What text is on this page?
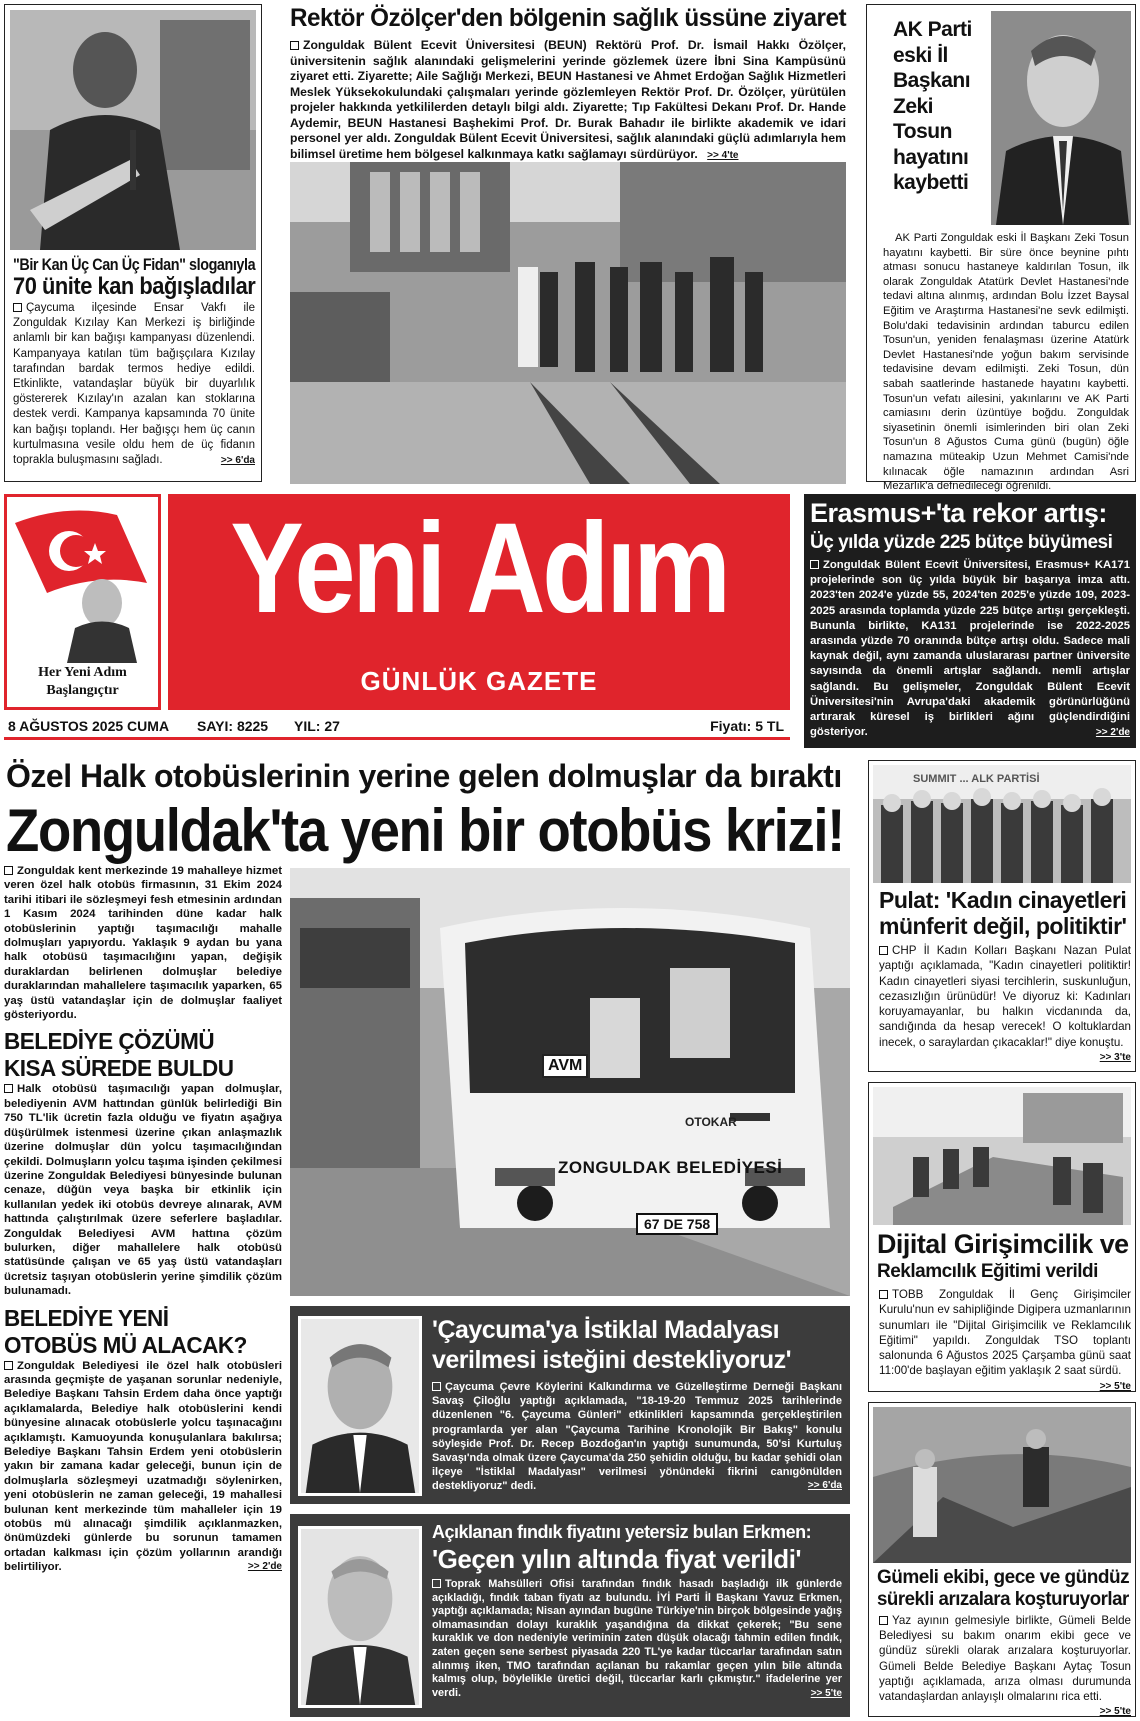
"Bir Kan Üç Can Üç Fidan" sloganıyla
70 ünite kan bağışladılar
Çaycuma ilçesinde Ensar Vakfı ile Zonguldak Kızılay Kan Merkezi iş birliğinde anlamlı bir kan bağışı kampanyası düzenlendi. Kampanyaya katılan tüm bağışçılara Kızılay tarafından bardak termos hediye edildi. Etkinlikte, vatandaşlar büyük bir duyarlılık göstererek Kızılay'ın azalan kan stoklarına destek verdi. Kampanya kapsamında 70 ünite kan bağışı toplandı. Her bağışçı hem üç canın kurtulmasına vesile oldu hem de üç fidanın toprakla buluşmasını sağladı.	>> 6'da
Rektör Özölçer'den bölgenin sağlık üssüne ziyaret
Zonguldak Bülent Ecevit Üniversitesi (BEUN) Rektörü Prof. Dr. İsmail Hakkı Özölçer, üniversitenin sağlık alanındaki gelişmelerini yerinde gözlemek üzere İbni Sina Kampüsünü ziyaret etti. Ziyarette; Aile Sağlığı Merkezi, BEUN Hastanesi ve Ahmet Erdoğan Sağlık Hizmetleri Meslek Yüksekokulundaki çalışmaları yerinde gözlemleyen Rektör Prof. Dr. Özölçer, yürütülen projeler hakkında yetkililerden detaylı bilgi aldı. Ziyarette; Tıp Fakültesi Dekanı Prof. Dr. Hande Aydemir, BEUN Hastanesi Başhekimi Prof. Dr. Burak Bahadır ile birlikte akademik ve idari personel yer aldı. Zonguldak Bülent Ecevit Üniversitesi, sağlık alanındaki güçlü adımlarıyla hem bilimsel üretime hem bölgesel kalkınmaya katkı sağlamayı sürdürüyor. >> 4'te
AK Parti
eski İl
Başkanı
Zeki
Tosun
hayatını
kaybetti
AK Parti Zonguldak eski İl Başkanı Zeki Tosun hayatını kaybetti. Bir süre önce beynine pıhtı atması sonucu hastaneye kaldırılan Tosun, ilk olarak Zonguldak Atatürk Devlet Hastanesi'nde tedavi altına alınmış, ardından Bolu İzzet Baysal Eğitim ve Araştırma Hastanesi'ne sevk edilmişti. Bolu'daki tedavisinin ardından taburcu edilen Tosun'un, yeniden fenalaşması üzerine Atatürk Devlet Hastanesi'nde yoğun bakım servisinde tedavisine devam edilmişti. Zeki Tosun, dün sabah saatlerinde hastanede hayatını kaybetti. Tosun'un vefatı ailesini, yakınlarını ve AK Parti camiasını derin üzüntüye boğdu. Zonguldak siyasetinin önemli isimlerinden biri olan Zeki Tosun'un 8 Ağustos Cuma günü (bugün) öğle namazına müteakip Uzun Mehmet Camisi'nde kılınacak öğle namazının ardından Asri Mezarlık'a defnedileceği öğrenildi.
Her Yeni Adım
Başlangıçtır
Yeni Adım
GÜNLÜK GAZETE
8 AĞUSTOS 2025 CUMA SAYI: 8225 YIL: 27	Fiyatı: 5 TL
Erasmus+'ta rekor artış:
Üç yılda yüzde 225 bütçe büyümesi
Zonguldak Bülent Ecevit Üniversitesi, Erasmus+ KA171 projelerinde son üç yılda büyük bir başarıya imza attı. 2023'ten 2024'e yüzde 55, 2024'ten 2025'e yüzde 109, 2023-2025 arasında toplamda yüzde 225 bütçe artışı gerçekleşti. Bununla birlikte, KA131 projelerinde ise 2022-2025 arasında yüzde 70 oranında bütçe artışı oldu. Sadece mali kaynak değil, aynı zamanda uluslararası partner üniversite sayısında da önemli artışlar sağlandı. nemli artışlar sağlandı. Bu gelişmeler, Zonguldak Bülent Ecevit Üniversitesi'nin Avrupa'daki akademik görünürlüğünü artırarak küresel iş birlikleri ağını güçlendirdiğini gösteriyor.	>> 2'de
Özel Halk otobüslerinin yerine gelen dolmuşlar da bıraktı
Zonguldak'ta yeni bir otobüs krizi!
Zonguldak kent merkezinde 19 mahalleye hizmet veren özel halk otobüs firmasının, 31 Ekim 2024 tarihi itibari ile sözleşmeyi fesh etmesinin ardından 1 Kasım 2024 tarihinden düne kadar halk otobüslerinin yaptığı taşımacılığı mahalle dolmuşları yapıyordu. Yaklaşık 9 aydan bu yana halk otobüsü taşımacılığını yapan, değişik duraklardan belirlenen dolmuşlar belediye duraklarından mahallelere taşımacılık yaparken, 65 yaş üstü vatandaşlar için de dolmuşlar faaliyet gösteriyordu.
BELEDİYE ÇÖZÜMÜ
KISA SÜREDE BULDU
Halk otobüsü taşımacılığı yapan dolmuşlar, belediyenin AVM hattından günlük belirlediği Bin 750 TL'lik ücretin fazla olduğu ve fiyatın aşağıya düşürülmek istenmesi üzerine çıkan anlaşmazlık üzerine dolmuşlar dün yolcu taşımacılığından çekildi. Dolmuşların yolcu taşıma işinden çekilmesi üzerine Zonguldak Belediyesi bünyesinde bulunan cenaze, düğün veya başka bir etkinlik için kullanılan yedek iki otobüs devreye alınarak, AVM hattında çalıştırılmak üzere seferlere başladılar. Zonguldak Belediyesi AVM hattına çözüm bulurken, diğer mahallelere halk otobüsü statüsünde çalışan ve 65 yaş üstü vatandaşları ücretsiz taşıyan otobüslerin yerine şimdilik çözüm bulunamadı.
BELEDİYE YENİ
OTOBÜS MÜ ALACAK?
Zonguldak Belediyesi ile özel halk otobüsleri arasında geçmişte de yaşanan sorunlar nedeniyle, Belediye Başkanı Tahsin Erdem daha önce yaptığı açıklamalarda, Belediye halk otobüslerini kendi bünyesine alınacak otobüslerle yolcu taşınacağını açıklamıştı. Kamuoyunda konuşulanlara bakılırsa; Belediye Başkanı Tahsin Erdem yeni otobüslerin yakın bir zamana kadar geleceği, bunun için de dolmuşlarla sözleşmeyi uzatmadığı söylenirken, yeni otobüslerin ne zaman geleceği, 19 mahallesi bulunan kent merkezinde tüm mahalleler için 19 otobüs mü alınacağı şimdilik açıklanmazken, önümüzdeki günlerde bu sorunun tamamen ortadan kalkması için çözüm yollarının arandığı belirtiliyor.	>> 2'de
AVM
OTOKAR
ZONGULDAK BELEDİYESİ
67 DE 758
'Çaycuma'ya İstiklal Madalyası
verilmesi isteğini destekliyoruz'
Çaycuma Çevre Köylerini Kalkındırma ve Güzelleştirme Derneği Başkanı Savaş Çiloğlu yaptığı açıklamada, "18-19-20 Temmuz 2025 tarihlerinde düzenlenen "6. Çaycuma Günleri" etkinlikleri kapsamında gerçekleştirilen programlarda yer alan "Çaycuma Tarihine Kronolojik Bir Bakış" konulu söyleşide Prof. Dr. Recep Bozdoğan'ın yaptığı sunumunda, 50'si Kurtuluş Savaşı'nda olmak üzere Çaycuma'da 250 şehidin olduğu, bu kadar şehidi olan ilçeye "İstiklal Madalyası" verilmesi yönündeki fikrini canıgönülden destekliyoruz" dedi.	>> 6'da
Açıklanan fındık fiyatını yetersiz bulan Erkmen:
'Geçen yılın altında fiyat verildi'
Toprak Mahsülleri Ofisi tarafından fındık hasadı başladığı ilk günlerde açıkladığı, fındık taban fiyatı az bulundu. İYİ Parti İl Başkanı Yavuz Erkmen, yaptığı açıklamada; Nisan ayından bugüne Türkiye'nin birçok bölgesinde yağış olmamasından dolayı kuraklık yaşandığına da dikkat çekerek; "Bu sene kuraklık ve don nedeniyle veriminin zaten düşük olacağı tahmin edilen fındık, zaten geçen sene serbest piyasada 220 TL'ye kadar tüccarlar tarafından satın alınmış iken, TMO tarafından açılanan bu rakamlar geçen yılın bile altında kalmış olup, böylelikle üretici değil, tüccarlar karlı çıkmıştır." ifadelerine yer verdi.	>> 5'te
SUMMIT ... ALK PARTİSİ
Pulat: 'Kadın cinayetleri
münferit değil, politiktir'
CHP İl Kadın Kolları Başkanı Nazan Pulat yaptığı açıklamada, "Kadın cinayetleri politiktir! Kadın cinayetleri siyasi tercihlerin, suskunluğun, cezasızlığın ürünüdür! Ve diyoruz ki: Kadınları koruyamayanlar, bu halkın vicdanında da, sandığında da hesap verecek! O koltuklardan inecek, o saraylardan çıkacaklar!" diye konuştu.
>> 3'te
Dijital Girişimcilik ve
Reklamcılık Eğitimi verildi
TOBB Zonguldak İl Genç Girişimciler Kurulu'nun ev sahipliğinde Digipera uzmanlarının sunumları ile "Dijital Girişimcilik ve Reklamcılık Eğitimi" yapıldı. Zonguldak TSO toplantı salonunda 6 Ağustos 2025 Çarşamba günü saat 11:00'de başlayan eğitim yaklaşık 2 saat sürdü.
>> 5'te
Gümeli ekibi, gece ve gündüz
sürekli arızalara koşturuyorlar
Yaz ayının gelmesiyle birlikte, Gümeli Belde Belediyesi su bakım onarım ekibi gece ve gündüz sürekli olarak arızalara koşturuyorlar. Gümeli Belde Belediye Başkanı Aytaç Tosun yaptığı açıklamada, arıza olması durumunda vatandaşlardan anlayışlı olmalarını rica etti.
>> 5'te
